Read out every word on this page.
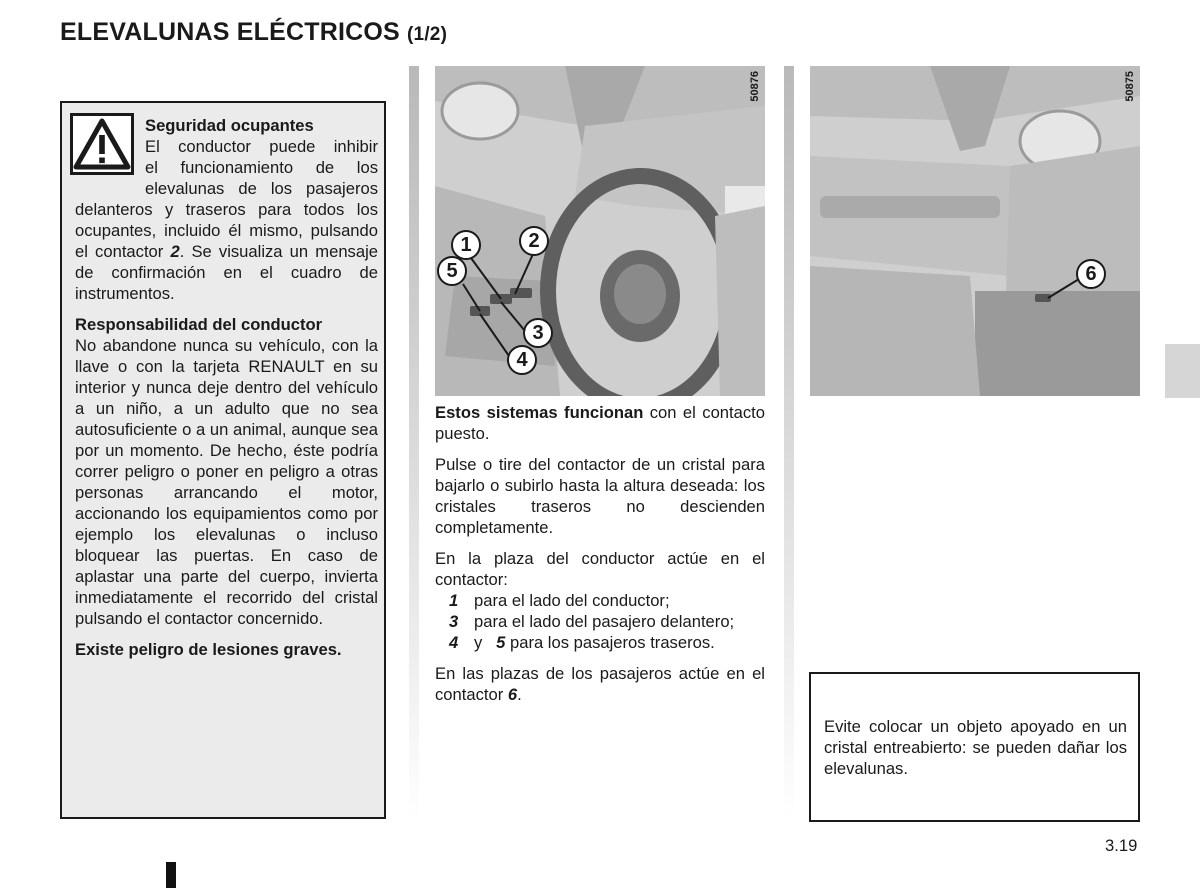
ELEVALUNAS ELÉCTRICOS (1/2)
Seguridad ocupantes
El conductor puede inhibir
el funcionamiento de los
elevalunas de los pasajeros

delanteros y traseros para todos los ocupantes, incluido él mismo, pulsando el contactor 2. Se visualiza un mensaje de confirmación en el cuadro de instrumentos.

Responsabilidad del conductor

No abandone nunca su vehículo, con la llave o con la tarjeta RENAULT en su interior y nunca deje dentro del vehículo a un niño, a un adulto que no sea autosuficiente o a un animal, aunque sea por un momento. De hecho, éste podría correr peligro o poner en peligro a otras personas arrancando el motor, accionando los equipamientos como por ejemplo los elevalunas o incluso bloquear las puertas. En caso de aplastar una parte del cuerpo, invierta inmediatamente el recorrido del cristal pulsando el contactor concernido.

Existe peligro de lesiones graves.

50876
1	2
5
3
4
50875
6

Estos sistemas funcionan con el contacto puesto.

Pulse o tire del contactor de un cristal para bajarlo o subirlo hasta la altura deseada: los cristales traseros no descienden completamente.

En la plaza del conductor actúe en el contactor:
1 para el lado del conductor;
3 para el lado del pasajero delantero;
4 y 5 para los pasajeros traseros.

En las plazas de los pasajeros actúe en el contactor 6.

Evite colocar un objeto apoyado en un cristal entreabierto: se pueden dañar los elevalunas.
3.19
